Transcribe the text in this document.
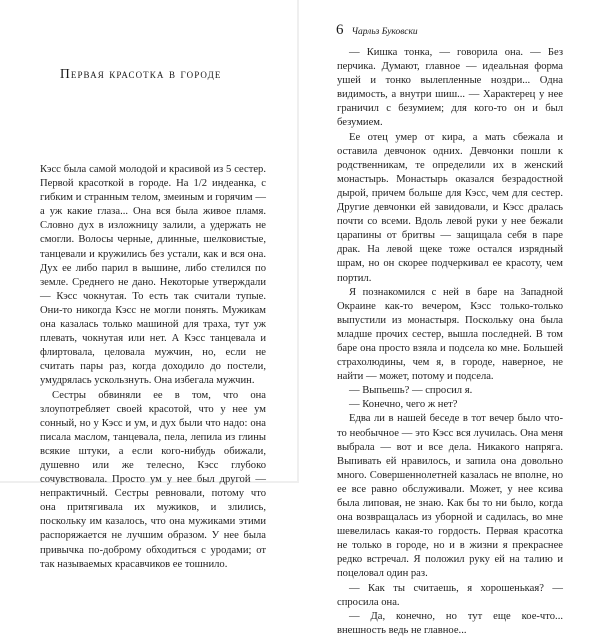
Первая красотка в городе

Кэсс была самой молодой и красивой из 5 сестер. Первой красоткой в городе. На 1/2 индеанка, с гибким и странным телом, змеиным и горячим — а уж какие глаза... Она вся была живое пламя. Словно дух в изложницу залили, а удержать не смогли. Волосы черные, длинные, шелковистые, танцевали и кружились без устали, как и вся она. Дух ее либо парил в вышине, либо стелился по земле. Среднего не дано. Некоторые утверждали — Кэсс чокнутая. То есть так считали тупые. Они-то никогда Кэсс не могли понять. Мужикам она казалась только машиной для траха, тут уж плевать, чокнутая или нет. А Кэсс танцевала и флиртовала, целовала мужчин, но, если не считать пары раз, когда доходило до постели, умудрялась ускользнуть. Она избегала мужчин.

Сестры обвиняли ее в том, что она злоупотребляет своей красотой, что у нее ум сонный, но у Кэсс и ум, и дух были что надо: она писала маслом, танцевала, пела, лепила из глины всякие штуки, а если кого-нибудь обижали, душевно или же телесно, Кэсс глубоко сочувствовала. Просто ум у нее был другой — непрактичный. Сестры ревновали, потому что она притягивала их мужиков, и злились, поскольку им казалось, что она мужиками этими распоряжается не лучшим образом. У нее была привычка по-доброму обходиться с уродами; от так называемых красавчиков ее тошнило.

6 Чарльз Буковски

— Кишка тонка, — говорила она. — Без перчика. Думают, главное — идеальная форма ушей и тонко вылепленные ноздри... Одна видимость, а внутри шиш... — Характерец у нее граничил с безумием; для кого-то он и был безумием.

Ее отец умер от кира, а мать сбежала и оставила девчонок одних. Девчонки пошли к родственникам, те определили их в женский монастырь. Монастырь оказался безрадостной дырой, причем больше для Кэсс, чем для сестер. Другие девчонки ей завидовали, и Кэсс дралась почти со всеми. Вдоль левой руки у нее бежали царапины от бритвы — защищала себя в паре драк. На левой щеке тоже остался изрядный шрам, но он скорее подчеркивал ее красоту, чем портил.

Я познакомился с ней в баре на Западной Окраине как-то вечером, Кэсс только-только выпустили из монастыря. Поскольку она была младше прочих сестер, вышла последней. В том баре она просто взяла и подсела ко мне. Большей страхолюдины, чем я, в городе, наверное, не найти — может, потому и подсела.

— Выпьешь? — спросил я.

— Конечно, чего ж нет?

Едва ли в нашей беседе в тот вечер было что-то необычное — это Кэсс вся лучилась. Она меня выбрала — вот и все дела. Никакого напряга. Выпивать ей нравилось, и запила она довольно много. Совершеннолетней казалась не вполне, но ее все равно обслуживали. Может, у нее ксива была липовая, не знаю. Как бы то ни было, когда она возвращалась из уборной и садилась, во мне шевелилась какая-то гордость. Первая красотка не только в городе, но и в жизни я прекраснее редко встречал. Я положил руку ей на талию и поцеловал один раз.

— Как ты считаешь, я хорошенькая? — спросила она.

— Да, конечно, но тут еще кое-что... внешность ведь не главное...
